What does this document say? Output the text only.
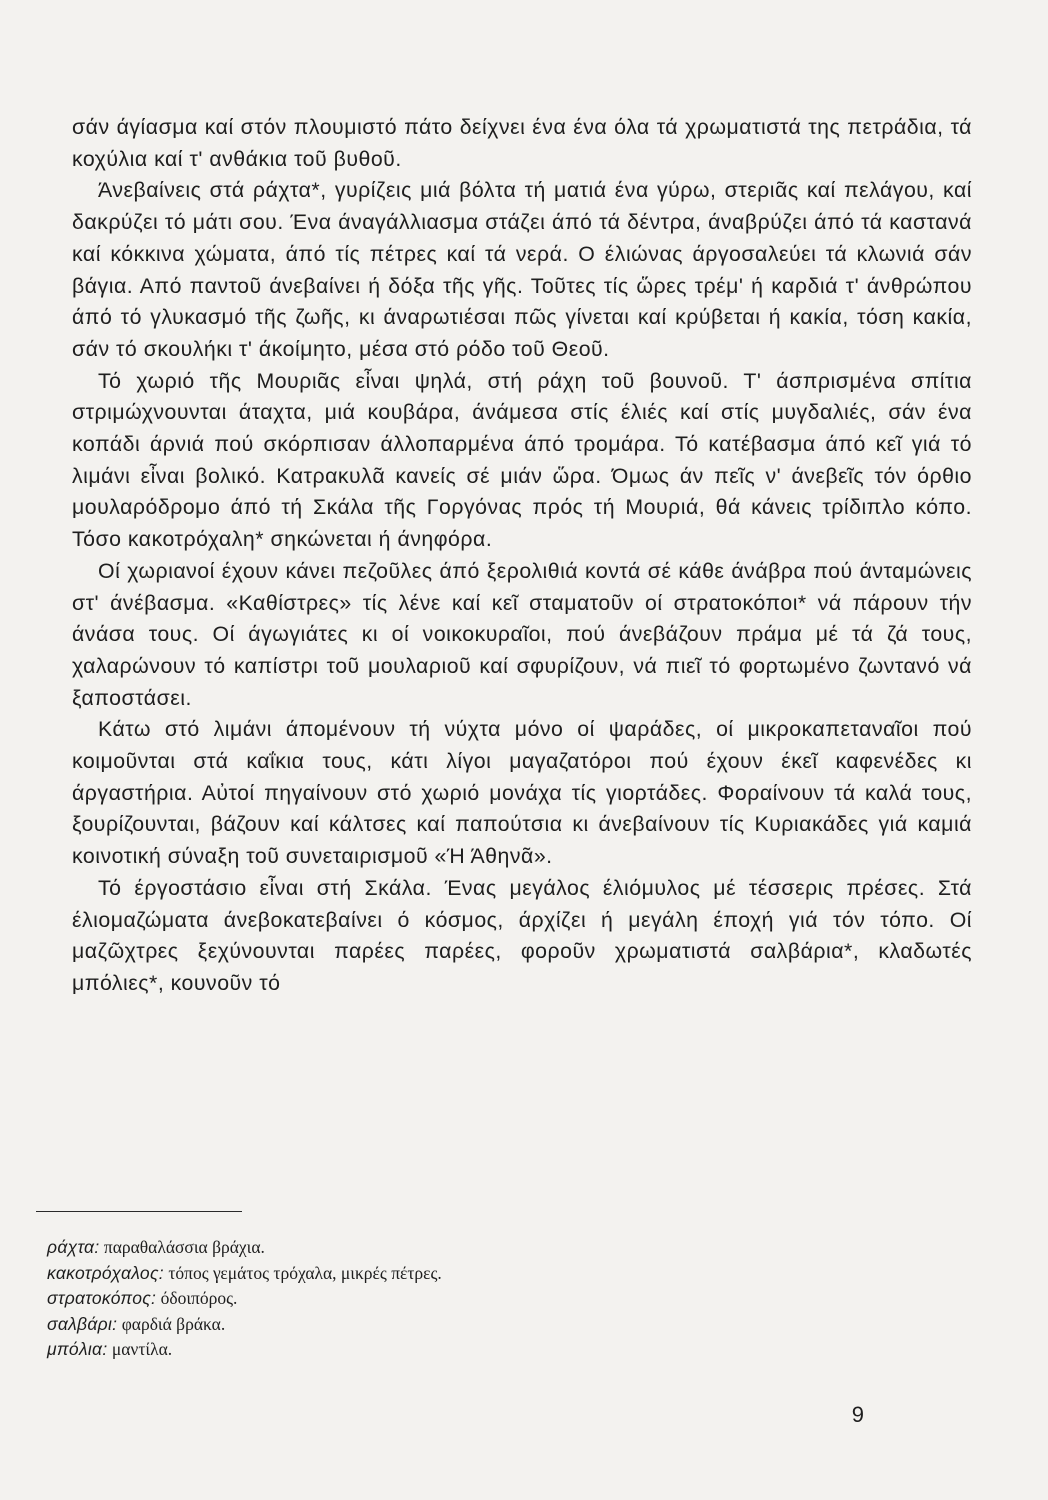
σάν άγίασμα καί στόν πλουμιστό πάτο δείχνει ένα ένα όλα τά χρωματιστά της πετράδια, τά κοχύλια καί τ' ανθάκια τοῦ βυθοῦ.

Άνεβαίνεις στά ράχτα*, γυρίζεις μιά βόλτα τή ματιά ένα γύρω, στεριᾶς καί πελάγου, καί δακρύζει τό μάτι σου. Ένα άναγάλλιασμα στάζει άπό τά δέντρα, άναβρύζει άπό τά καστανά καί κόκκινα χώματα, άπό τίς πέτρες καί τά νερά. Ο έλιώνας άργοσαλεύει τά κλωνιά σάν βάγια. Από παντοῦ άνεβαίνει ή δόξα τῆς γῆς. Τοῦτες τίς ὥρες τρέμ' ή καρδιά τ' άνθρώπου άπό τό γλυκασμό τῆς ζωῆς, κι άναρωτιέσαι πῶς γίνεται καί κρύβεται ή κακία, τόση κακία, σάν τό σκουλήκι τ' άκοίμητο, μέσα στό ρόδο τοῦ Θεοῦ.

Τό χωριό τῆς Μουριᾶς εἶναι ψηλά, στή ράχη τοῦ βουνοῦ. Τ' άσπρισμένα σπίτια στριμώχνουνται άταχτα, μιά κουβάρα, άνάμεσα στίς έλιές καί στίς μυγδαλιές, σάν ένα κοπάδι άρνιά πού σκόρπισαν άλλοπαρμένα άπό τρομάρα. Τό κατέβασμα άπό κεῖ γιά τό λιμάνι εἶναι βολικό. Κατρακυλᾶ κανείς σέ μιάν ὥρα. Όμως άν πεῖς ν' άνεβεῖς τόν όρθιο μουλαρόδρομο άπό τή Σκάλα τῆς Γοργόνας πρός τή Μουριά, θά κάνεις τρίδιπλο κόπο. Τόσο κακοτρόχαλη* σηκώνεται ή άνηφόρα.

Οί χωριανοί έχουν κάνει πεζοῦλες άπό ξερολιθιά κοντά σέ κάθε άνάβρα πού άνταμώνεις στ' άνέβασμα. «Καθίστρες» τίς λένε καί κεῖ σταματοῦν οί στρατοκόποι* νά πάρουν τήν άνάσα τους. Οί άγωγιάτες κι οί νοικοκυραῖοι, πού άνεβάζουν πράμα μέ τά ζά τους, χαλαρώνουν τό καπίστρι τοῦ μουλαριοῦ καί σφυρίζουν, νά πιεῖ τό φορτωμένο ζωντανό νά ξαποστάσει.

Κάτω στό λιμάνι άπομένουν τή νύχτα μόνο οί ψαράδες, οί μικροκαπεταναῖοι πού κοιμοῦνται στά καΐκια τους, κάτι λίγοι μαγαζατόροι πού έχουν έκεῖ καφενέδες κι άργαστήρια. Αὐτοί πηγαίνουν στό χωριό μονάχα τίς γιορτάδες. Φοραίνουν τά καλά τους, ξουρίζουνται, βάζουν καί κάλτσες καί παπούτσια κι άνεβαίνουν τίς Κυριακάδες γιά καμιά κοινοτική σύναξη τοῦ συνεταιρισμοῦ «Ή Άθηνᾶ».

Τό έργοστάσιο εἶναι στή Σκάλα. Ένας μεγάλος έλιόμυλος μέ τέσσερις πρέσες. Στά έλιομαζώματα άνεβοκατεβαίνει ό κόσμος, άρχίζει ή μεγάλη έποχή γιά τόν τόπο. Οί μαζῶχτρες ξεχύνουνται παρέες παρέες, φοροῦν χρωματιστά σαλβάρια*, κλαδωτές μπόλιες*, κουνοῦν τό

ράχτα: παραθαλάσσια βράχια.

κακοτρόχαλος: τόπος γεμάτος τρόχαλα, μικρές πέτρες.

στρατοκόπος: όδοιπόρος.

σαλβάρι: φαρδιά βράκα.

μπόλια: μαντίλα.

9
